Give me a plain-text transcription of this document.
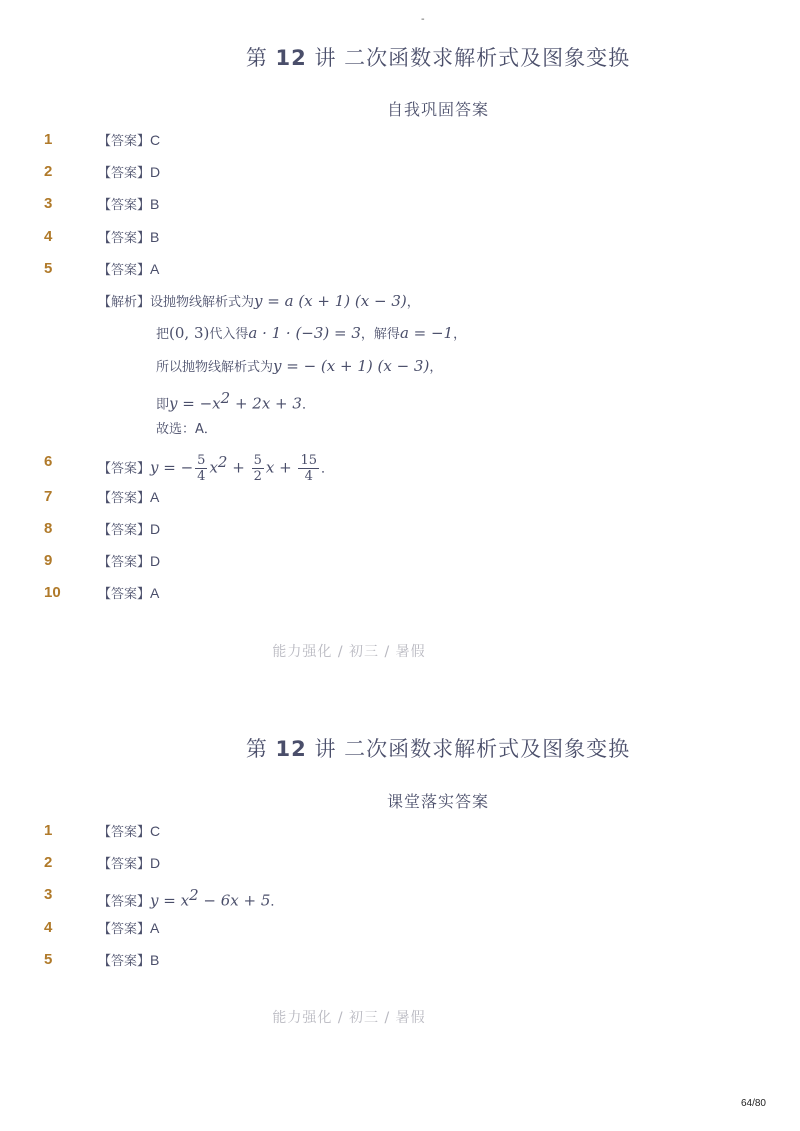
-
第 12 讲 二次函数求解析式及图象变换
自我巩固答案
1	【答案】C
2	【答案】D
3	【答案】B
4	【答案】B
5	【答案】A
【解析】设抛物线解析式为y = a (x + 1) (x − 3)，
把(0, 3)代入得a · 1 · (−3) = 3，解得a = −1，
所以抛物线解析式为y = − (x + 1) (x − 3)，
即$y = -x^2 + 2x + 3$．
故选：A．
6	【答案】y = − $\frac{5}{4} x^2 + \frac{5}{2}$ $x + \frac{15}{4}$ ．
7	【答案】A
8	【答案】D
9	【答案】D
10	【答案】A
能力强化 / 初三 / 暑假
第 12 讲 二次函数求解析式及图象变换
课堂落实答案
1	【答案】C
2	【答案】D
3	【答案】$y = x^2 - 6x + 5$．
4	【答案】A
5	【答案】B
能力强化 / 初三 / 暑假
64/80
